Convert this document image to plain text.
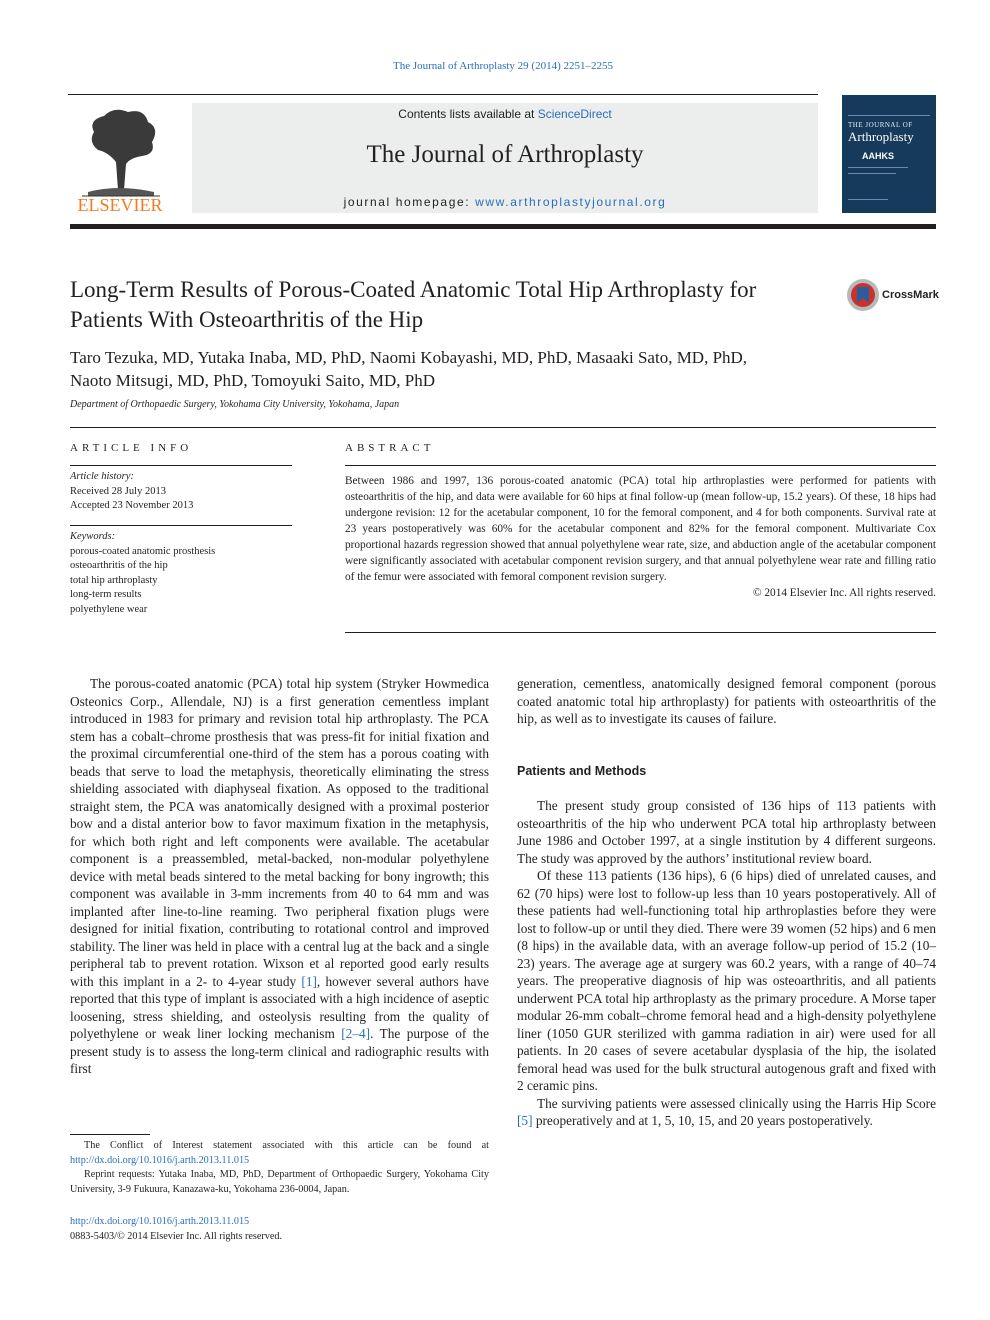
The Journal of Arthroplasty 29 (2014) 2251–2255
ELSEVIER
Contents lists available at ScienceDirect
The Journal of Arthroplasty
journal homepage: www.arthroplastyjournal.org
THE JOURNAL OF
Arthroplasty
AAHKS
Long-Term Results of Porous-Coated Anatomic Total Hip Arthroplasty for Patients With Osteoarthritis of the Hip
CrossMark
Taro Tezuka, MD, Yutaka Inaba, MD, PhD, Naomi Kobayashi, MD, PhD, Masaaki Sato, MD, PhD,
Naoto Mitsugi, MD, PhD, Tomoyuki Saito, MD, PhD
Department of Orthopaedic Surgery, Yokohama City University, Yokohama, Japan
ARTICLE INFO	ABSTRACT
Article history:
Received 28 July 2013
Accepted 23 November 2013
Keywords:
porous-coated anatomic prosthesis
osteoarthritis of the hip
total hip arthroplasty
long-term results
polyethylene wear
Between 1986 and 1997, 136 porous-coated anatomic (PCA) total hip arthroplasties were performed for patients with osteoarthritis of the hip, and data were available for 60 hips at final follow-up (mean follow-up, 15.2 years). Of these, 18 hips had undergone revision: 12 for the acetabular component, 10 for the femoral component, and 4 for both components. Survival rate at 23 years postoperatively was 60% for the acetabular component and 82% for the femoral component. Multivariate Cox proportional hazards regression showed that annual polyethylene wear rate, size, and abduction angle of the acetabular component were significantly associated with acetabular component revision surgery, and that annual polyethylene wear rate and filling ratio of the femur were associated with femoral component revision surgery.
© 2014 Elsevier Inc. All rights reserved.

The porous-coated anatomic (PCA) total hip system (Stryker Howmedica Osteonics Corp., Allendale, NJ) is a first generation cementless implant introduced in 1983 for primary and revision total hip arthroplasty. The PCA stem has a cobalt–chrome prosthesis that was press-fit for initial fixation and the proximal circumferential one-third of the stem has a porous coating with beads that serve to load the metaphysis, theoretically eliminating the stress shielding associated with diaphyseal fixation. As opposed to the traditional straight stem, the PCA was anatomically designed with a proximal posterior bow and a distal anterior bow to favor maximum fixation in the metaphysis, for which both right and left components were available. The acetabular component is a preassembled, metal-backed, non-modular polyethylene device with metal beads sintered to the metal backing for bony ingrowth; this component was available in 3-mm increments from 40 to 64 mm and was implanted after line-to-line reaming. Two peripheral fixation plugs were designed for initial fixation, contributing to rotational control and improved stability. The liner was held in place with a central lug at the back and a single peripheral tab to prevent rotation. Wixson et al reported good early results with this implant in a 2- to 4-year study [1], however several authors have reported that this type of implant is associated with a high incidence of aseptic loosening, stress shielding, and osteolysis resulting from the quality of polyethylene or weak liner locking mechanism [2–4]. The purpose of the present study is to assess the long-term clinical and radiographic results with first

generation, cementless, anatomically designed femoral component (porous coated anatomic total hip arthroplasty) for patients with osteoarthritis of the hip, as well as to investigate its causes of failure.

Patients and Methods

The present study group consisted of 136 hips of 113 patients with osteoarthritis of the hip who underwent PCA total hip arthroplasty between June 1986 and October 1997, at a single institution by 4 different surgeons. The study was approved by the authors’ institutional review board.

Of these 113 patients (136 hips), 6 (6 hips) died of unrelated causes, and 62 (70 hips) were lost to follow-up less than 10 years postoperatively. All of these patients had well-functioning total hip arthroplasties before they were lost to follow-up or until they died. There were 39 women (52 hips) and 6 men (8 hips) in the available data, with an average follow-up period of 15.2 (10–23) years. The average age at surgery was 60.2 years, with a range of 40–74 years. The preoperative diagnosis of hip was osteoarthritis, and all patients underwent PCA total hip arthroplasty as the primary procedure. A Morse taper modular 26-mm cobalt–chrome femoral head and a high-density polyethylene liner (1050 GUR sterilized with gamma radiation in air) were used for all patients. In 20 cases of severe acetabular dysplasia of the hip, the isolated femoral head was used for the bulk structural autogenous graft and fixed with 2 ceramic pins.

The surviving patients were assessed clinically using the Harris Hip Score [5] preoperatively and at 1, 5, 10, 15, and 20 years postoperatively.

The Conflict of Interest statement associated with this article can be found at http://dx.doi.org/10.1016/j.arth.2013.11.015

Reprint requests: Yutaka Inaba, MD, PhD, Department of Orthopaedic Surgery, Yokohama City University, 3-9 Fukuura, Kanazawa-ku, Yokohama 236-0004, Japan.

http://dx.doi.org/10.1016/j.arth.2013.11.015
0883-5403/© 2014 Elsevier Inc. All rights reserved.
